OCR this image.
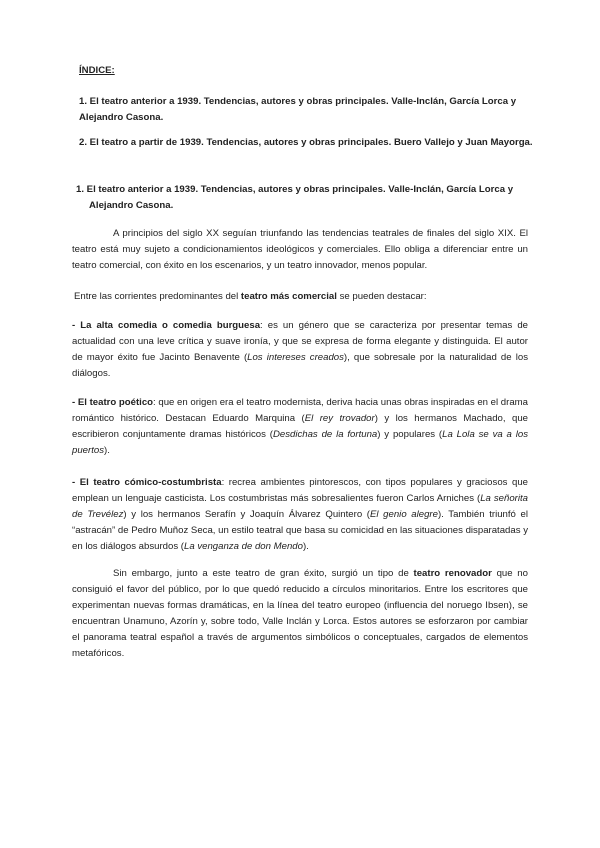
ÍNDICE:
1. El teatro anterior a 1939. Tendencias, autores y obras principales. Valle-Inclán, García Lorca y Alejandro Casona.
2. El teatro a partir de 1939. Tendencias, autores y obras principales. Buero Vallejo y Juan Mayorga.
1. El teatro anterior a 1939. Tendencias, autores y obras principales. Valle-Inclán, García Lorca y
Alejandro Casona.
A principios del siglo XX seguían triunfando las tendencias teatrales de finales del siglo XIX. El teatro está muy sujeto a condicionamientos ideológicos y comerciales. Ello obliga a diferenciar entre un teatro comercial, con éxito en los escenarios, y un teatro innovador, menos popular.
Entre las corrientes predominantes del teatro más comercial se pueden destacar:
- La alta comedia o comedia burguesa: es un género que se caracteriza por presentar temas de actualidad con una leve crítica y suave ironía, y que se expresa de forma elegante y distinguida. El autor de mayor éxito fue Jacinto Benavente (Los intereses creados), que sobresale por la naturalidad de los diálogos.
- El teatro poético: que en origen era el teatro modernista, deriva hacia unas obras inspiradas en el drama romántico histórico. Destacan Eduardo Marquina (El rey trovador) y los hermanos Machado, que escribieron conjuntamente dramas históricos (Desdichas de la fortuna) y populares (La Lola se va a los puertos).
- El teatro cómico-costumbrista: recrea ambientes pintorescos, con tipos populares y graciosos que emplean un lenguaje casticista. Los costumbristas más sobresalientes fueron Carlos Arniches (La señorita de Trevélez) y los hermanos Serafín y Joaquín Álvarez Quintero (El genio alegre). También triunfó el “astracán” de Pedro Muñoz Seca, un estilo teatral que basa su comicidad en las situaciones disparatadas y en los diálogos absurdos (La venganza de don Mendo).
Sin embargo, junto a este teatro de gran éxito, surgió un tipo de teatro renovador que no consiguió el favor del público, por lo que quedó reducido a círculos minoritarios. Entre los escritores que experimentan nuevas formas dramáticas, en la línea del teatro europeo (influencia del noruego Ibsen), se encuentran Unamuno, Azorín y, sobre todo, Valle Inclán y Lorca. Estos autores se esforzaron por cambiar el panorama teatral español a través de argumentos simbólicos o conceptuales, cargados de elementos metafóricos.
